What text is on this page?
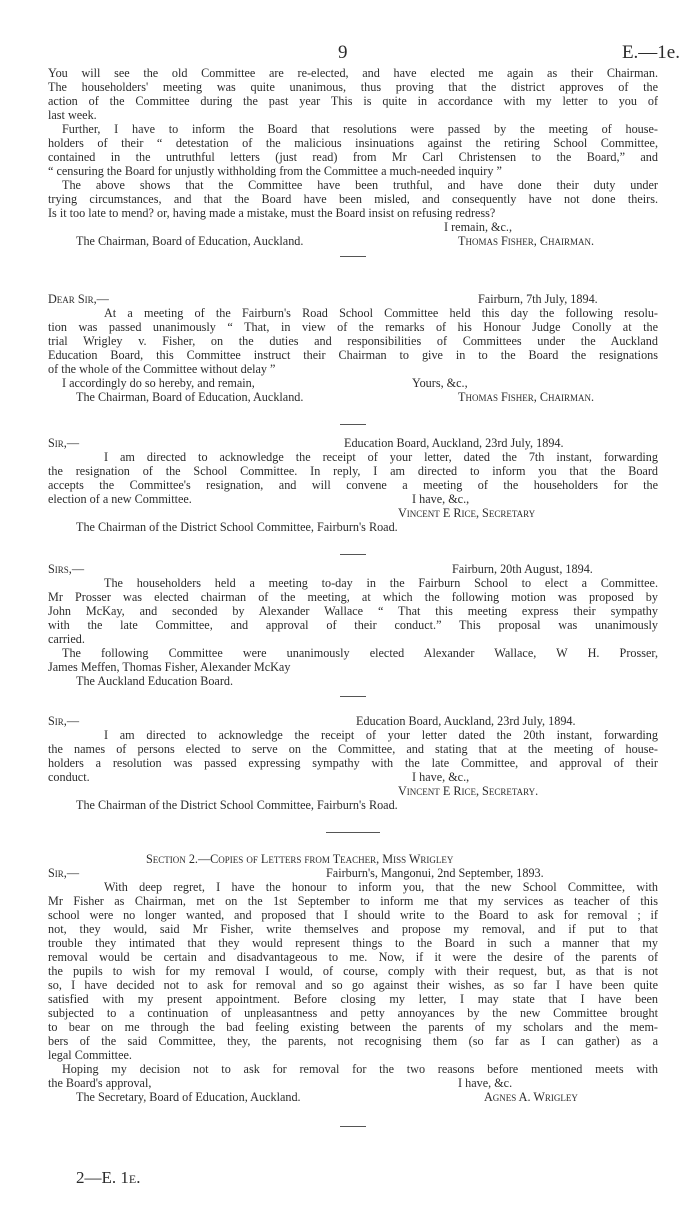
9	E.—1e.
You will see the old Committee are re-elected, and have elected me again as their Chairman.
The householders' meeting was quite unanimous, thus proving that the district approves of the
action of the Committee during the past year This is quite in accordance with my letter to you of
last week.
Further, I have to inform the Board that resolutions were passed by the meeting of house-
holders of their “ detestation of the malicious insinuations against the retiring School Committee,
contained in the untruthful letters (just read) from Mr Carl Christensen to the Board,” and
“ censuring the Board for unjustly withholding from the Committee a much-needed inquiry ”
The above shows that the Committee have been truthful, and have done their duty under
trying circumstances, and that the Board have been misled, and consequently have not done theirs.
Is it too late to mend? or, having made a mistake, must the Board insist on refusing redress?
I remain, &c.,
The Chairman, Board of Education, Auckland.	Thomas Fisher, Chairman.
Dear Sir,—	Fairburn, 7th July, 1894.
At a meeting of the Fairburn's Road School Committee held this day the following resolu-
tion was passed unanimously “ That, in view of the remarks of his Honour Judge Conolly at the
trial Wrigley v. Fisher, on the duties and responsibilities of Committees under the Auckland
Education Board, this Committee instruct their Chairman to give in to the Board the resignations
of the whole of the Committee without delay ”
I accordingly do so hereby, and remain,	Yours, &c.,
The Chairman, Board of Education, Auckland.	Thomas Fisher, Chairman.
Sir,—	Education Board, Auckland, 23rd July, 1894.
I am directed to acknowledge the receipt of your letter, dated the 7th instant, forwarding
the resignation of the School Committee. In reply, I am directed to inform you that the Board
accepts the Committee's resignation, and will convene a meeting of the householders for the
election of a new Committee.	I have, &c.,
Vincent E Rice, Secretary
The Chairman of the District School Committee, Fairburn's Road.
Sirs,—	Fairburn, 20th August, 1894.
The householders held a meeting to-day in the Fairburn School to elect a Committee.
Mr Prosser was elected chairman of the meeting, at which the following motion was proposed by
John McKay, and seconded by Alexander Wallace “ That this meeting express their sympathy
with the late Committee, and approval of their conduct.” This proposal was unanimously
carried.
The following Committee were unanimously elected Alexander Wallace, W H. Prosser,
James Meffen, Thomas Fisher, Alexander McKay
The Auckland Education Board.
Sir,—	Education Board, Auckland, 23rd July, 1894.
I am directed to acknowledge the receipt of your letter dated the 20th instant, forwarding
the names of persons elected to serve on the Committee, and stating that at the meeting of house-
holders a resolution was passed expressing sympathy with the late Committee, and approval of their
conduct.	I have, &c.,
Vincent E Rice, Secretary.
The Chairman of the District School Committee, Fairburn's Road.
Section 2.—Copies of Letters from Teacher, Miss Wrigley
Sir,—	Fairburn's, Mangonui, 2nd September, 1893.
With deep regret, I have the honour to inform you, that the new School Committee, with
Mr Fisher as Chairman, met on the 1st September to inform me that my services as teacher of this
school were no longer wanted, and proposed that I should write to the Board to ask for removal ; if
not, they would, said Mr Fisher, write themselves and propose my removal, and if put to that
trouble they intimated that they would represent things to the Board in such a manner that my
removal would be certain and disadvantageous to me. Now, if it were the desire of the parents of
the pupils to wish for my removal I would, of course, comply with their request, but, as that is not
so, I have decided not to ask for removal and so go against their wishes, as so far I have been quite
satisfied with my present appointment. Before closing my letter, I may state that I have been
subjected to a continuation of unpleasantness and petty annoyances by the new Committee brought
to bear on me through the bad feeling existing between the parents of my scholars and the mem-
bers of the said Committee, they, the parents, not recognising them (so far as I can gather) as a
legal Committee.
Hoping my decision not to ask for removal for the two reasons before mentioned meets with
the Board's approval,	I have, &c.
The Secretary, Board of Education, Auckland.	Agnes A. Wrigley
2—E. 1e.
